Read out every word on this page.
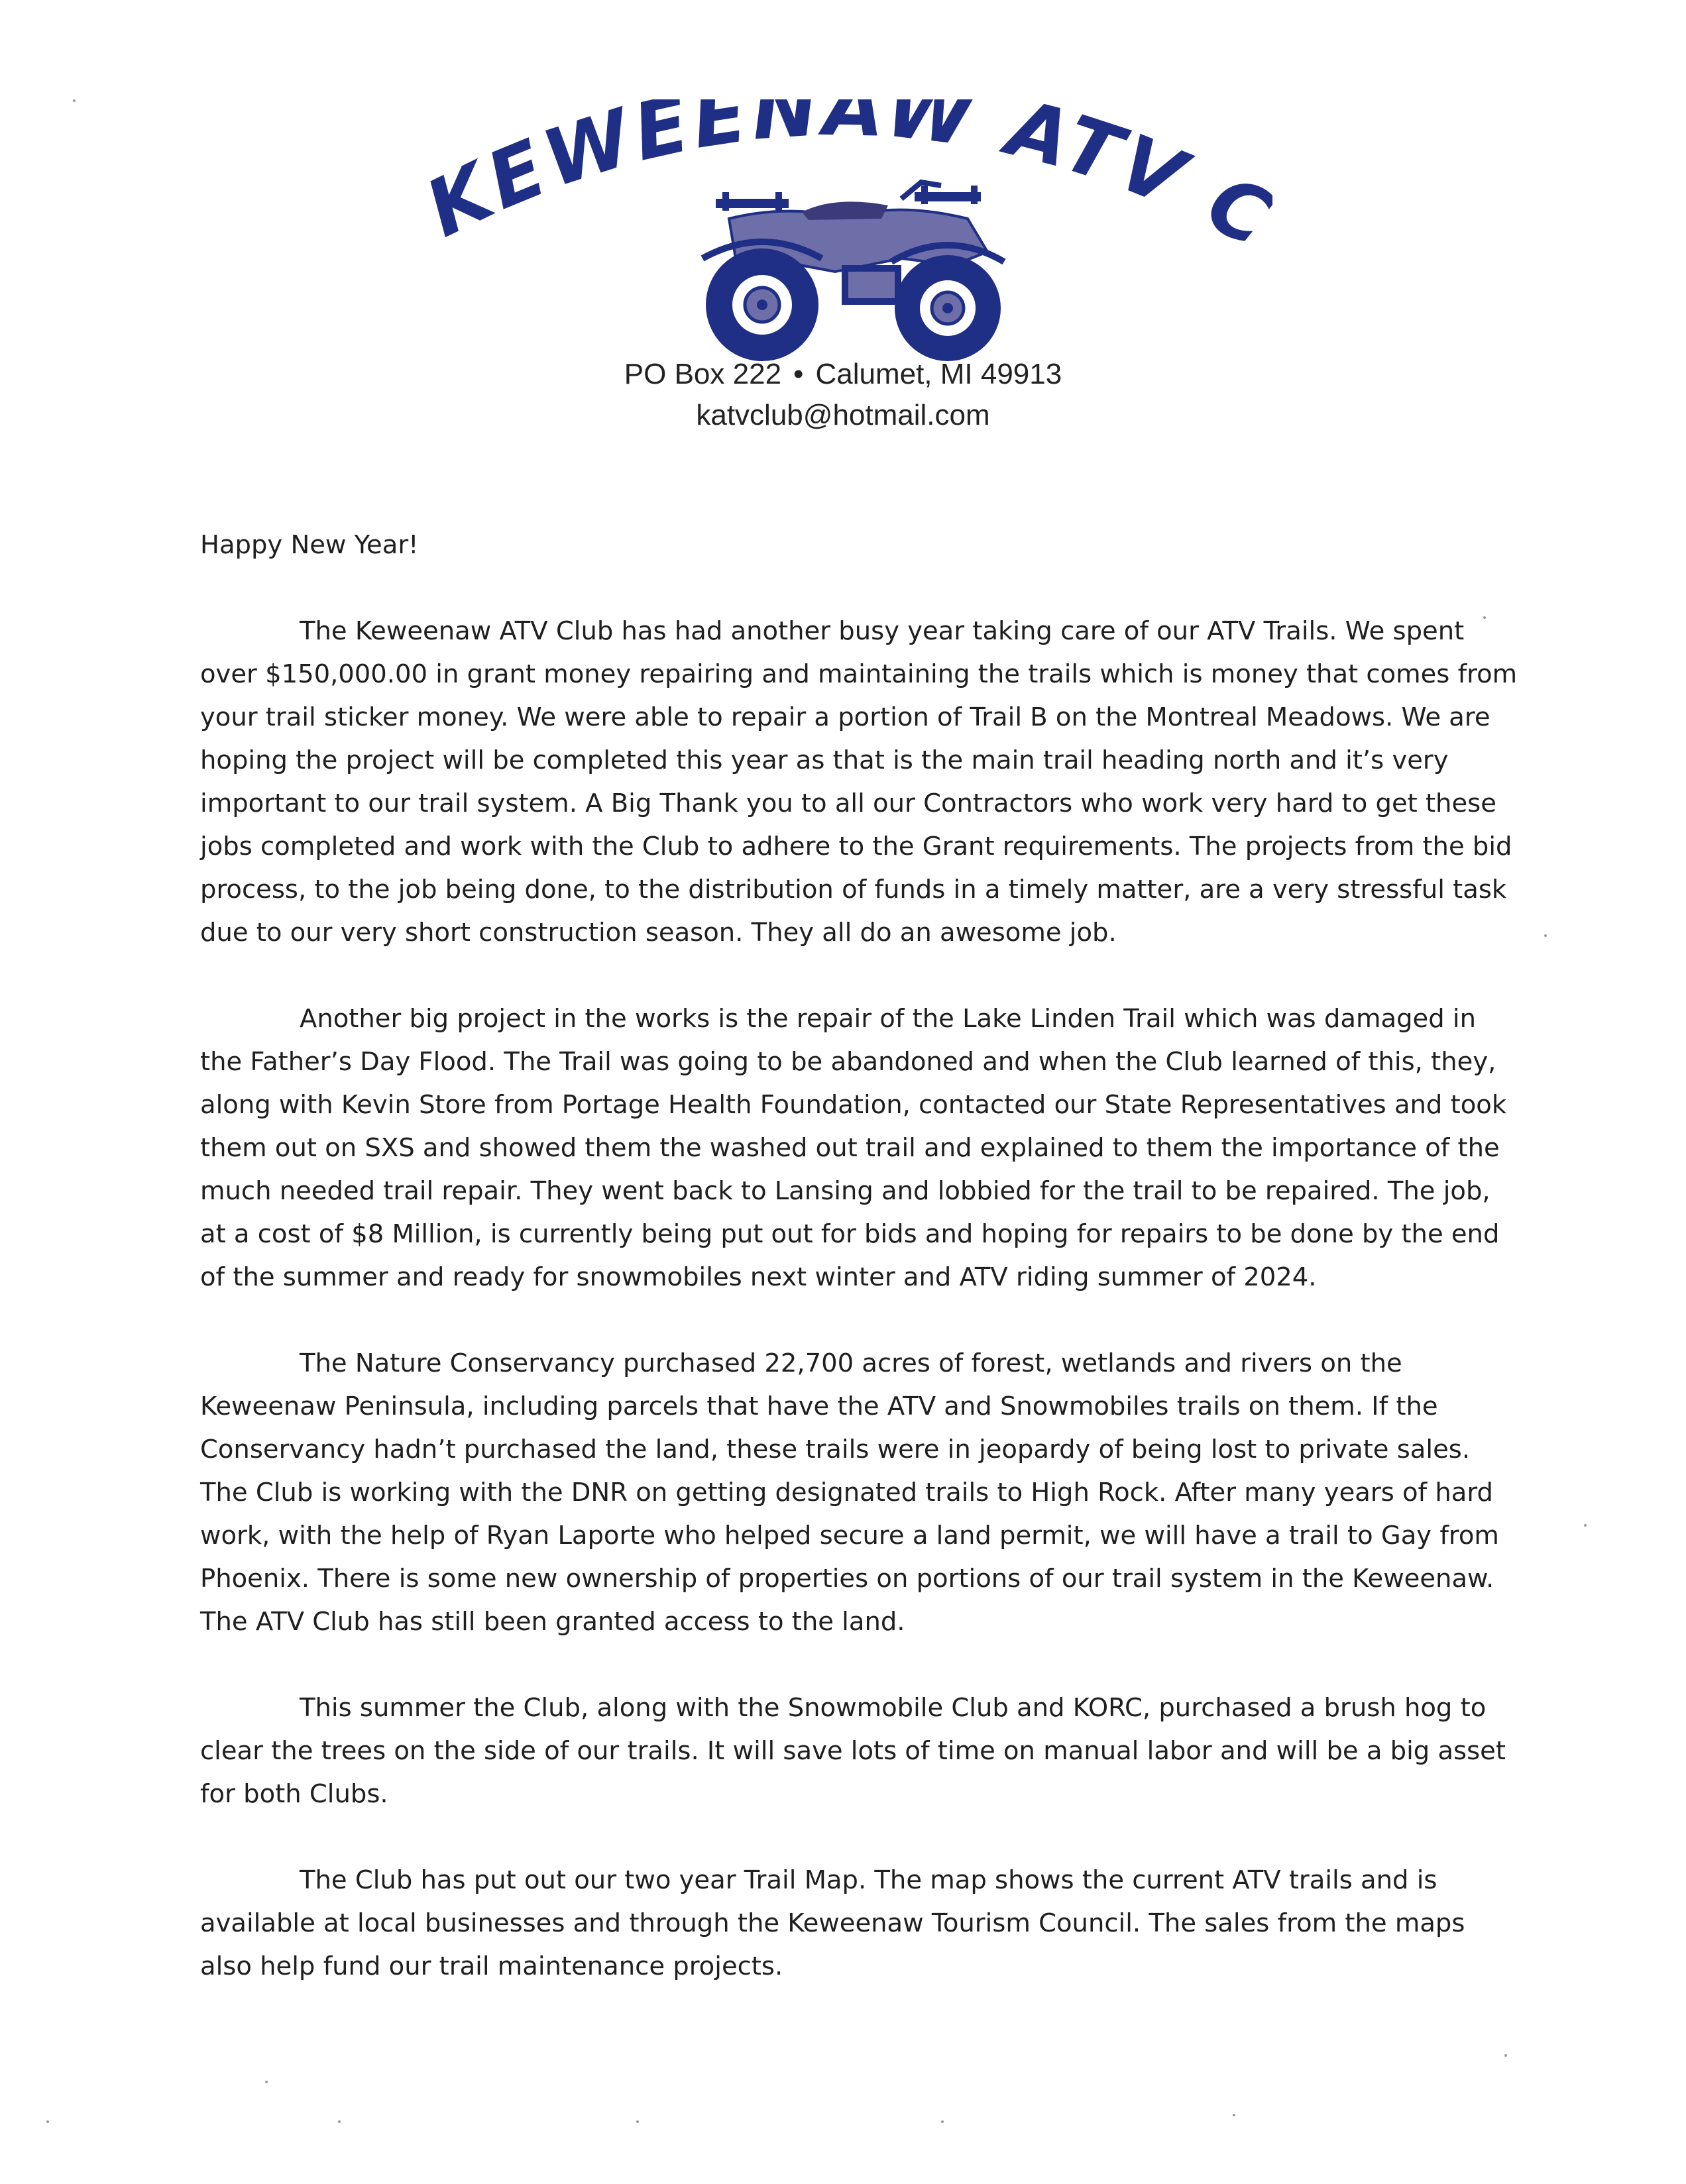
EWEENAW ATV
PO Box 222 • Calumet, MI 49913
katvclub@hotmail.com

Happy New Year!

The Keweenaw ATV Club has had another busy year taking care of our ATV Trails. We spent over $150,000.00 in grant money repairing and maintaining the trails which is money that comes from your trail sticker money. We were able to repair a portion of Trail B on the Montreal Meadows. We are hoping the project will be completed this year as that is the main trail heading north and it’s very important to our trail system. A Big Thank you to all our Contractors who work very hard to get these jobs completed and work with the Club to adhere to the Grant requirements. The projects from the bid process, to the job being done, to the distribution of funds in a timely matter, are a very stressful task due to our very short construction season. They all do an awesome job.

Another big project in the works is the repair of the Lake Linden Trail which was damaged in the Father’s Day Flood. The Trail was going to be abandoned and when the Club learned of this, they, along with Kevin Store from Portage Health Foundation, contacted our State Representatives and took them out on SXS and showed them the washed out trail and explained to them the importance of the much needed trail repair. They went back to Lansing and lobbied for the trail to be repaired. The job, at a cost of $8 Million, is currently being put out for bids and hoping for repairs to be done by the end of the summer and ready for snowmobiles next winter and ATV riding summer of 2024.

The Nature Conservancy purchased 22,700 acres of forest, wetlands and rivers on the Keweenaw Peninsula, including parcels that have the ATV and Snowmobiles trails on them. If the Conservancy hadn’t purchased the land, these trails were in jeopardy of being lost to private sales. The Club is working with the DNR on getting designated trails to High Rock. After many years of hard work, with the help of Ryan Laporte who helped secure a land permit, we will have a trail to Gay from Phoenix. There is some new ownership of properties on portions of our trail system in the Keweenaw. The ATV Club has still been granted access to the land.

This summer the Club, along with the Snowmobile Club and KORC, purchased a brush hog to clear the trees on the side of our trails. It will save lots of time on manual labor and will be a big asset for both Clubs.

The Club has put out our two year Trail Map. The map shows the current ATV trails and is available at local businesses and through the Keweenaw Tourism Council. The sales from the maps also help fund our trail maintenance projects.
